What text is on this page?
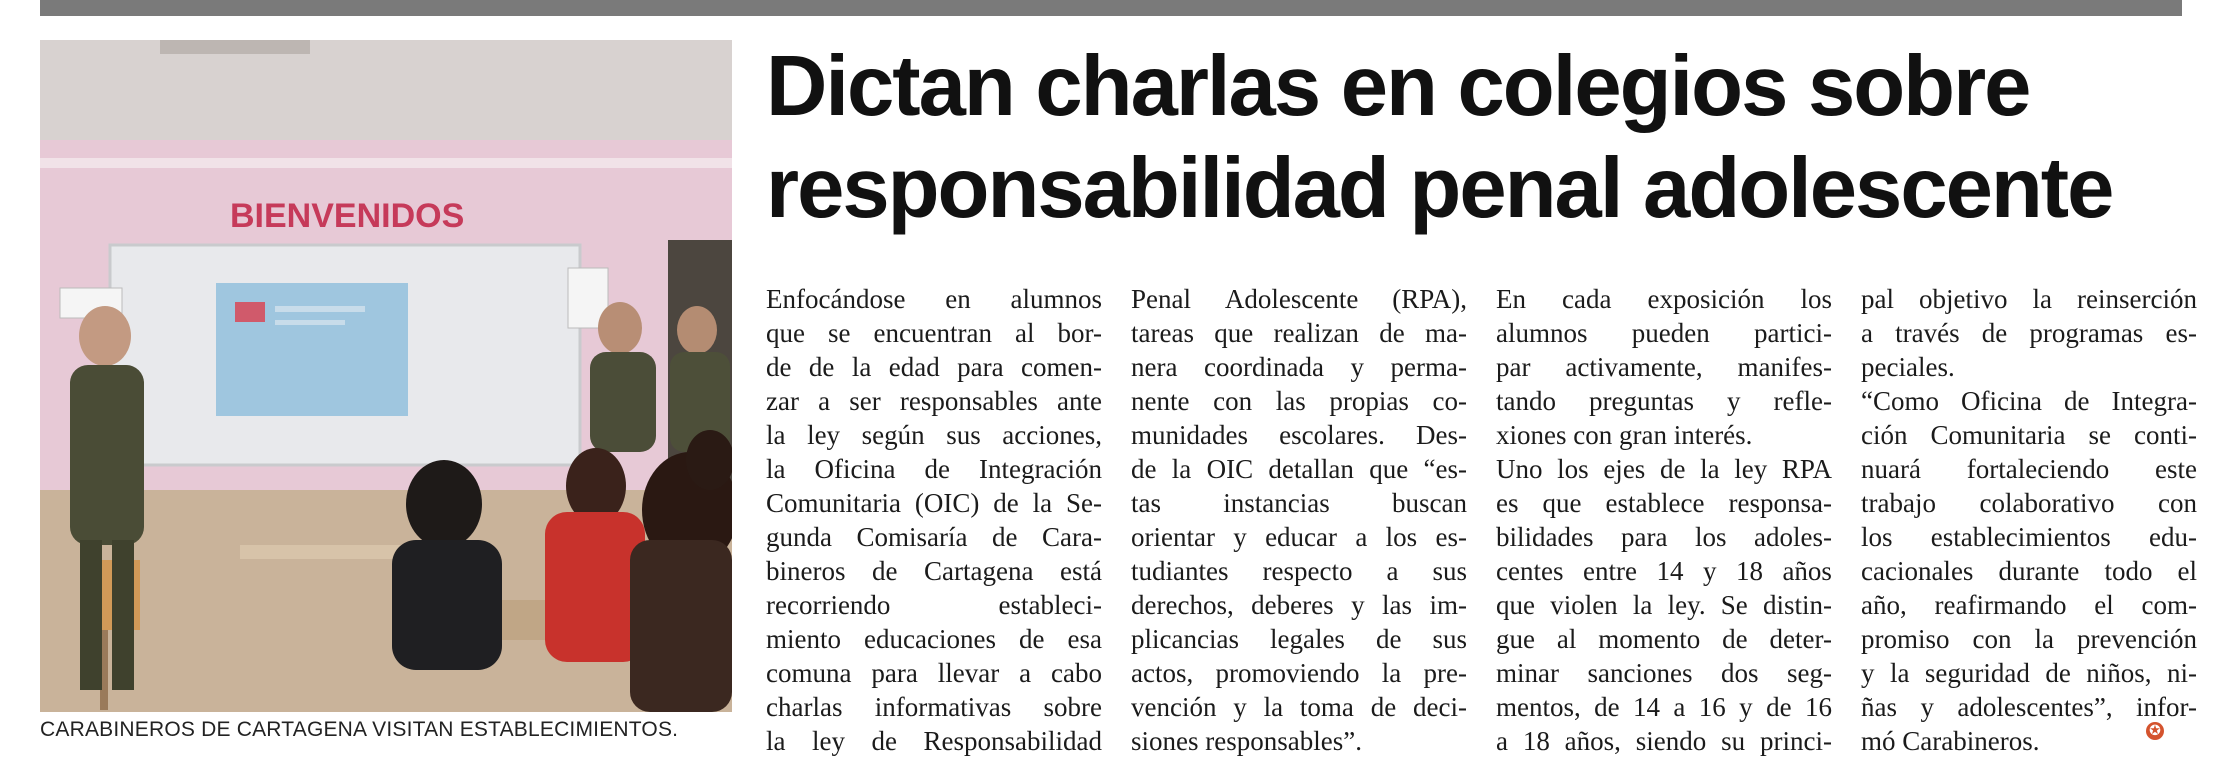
BIENVENIDOS
CARABINEROS DE CARTAGENA VISITAN ESTABLECIMIENTOS.
Dictan charlas en colegios sobre
responsabilidad penal adolescente
Enfocándose en alumnos
que se encuentran al bor-
de de la edad para comen-
zar a ser responsables ante
la ley según sus acciones,
la Oficina de Integración
Comunitaria (OIC) de la Se-
gunda Comisaría de Cara-
bineros de Cartagena está
recorriendo	estableci-
miento educaciones de esa
comuna para llevar a cabo
charlas informativas sobre
la ley de Responsabilidad
Penal Adolescente (RPA),
tareas que realizan de ma-
nera coordinada y perma-
nente con las propias co-
munidades escolares. Des-
de la OIC detallan que “es-
tas instancias buscan
orientar y educar a los es-
tudiantes respecto a sus
derechos, deberes y las im-
plicancias legales de sus
actos, promoviendo la pre-
vención y la toma de deci-
siones responsables”.
En cada exposición los
alumnos pueden partici-
par activamente, manifes-
tando preguntas y refle-
xiones con gran interés.
Uno los ejes de la ley RPA
es que establece responsa-
bilidades para los adoles-
centes entre 14 y 18 años
que violen la ley. Se distin-
gue al momento de deter-
minar sanciones dos seg-
mentos, de 14 a 16 y de 16
a 18 años, siendo su princi-
pal objetivo la reinserción
a través de programas es-
peciales.
“Como Oficina de Integra-
ción Comunitaria se conti-
nuará fortaleciendo este
trabajo colaborativo con
los establecimientos edu-
cacionales durante todo el
año, reafirmando el com-
promiso con la prevención
y la seguridad de niños, ni-
ñas y adolescentes”, infor-
mó Carabineros.	✪
